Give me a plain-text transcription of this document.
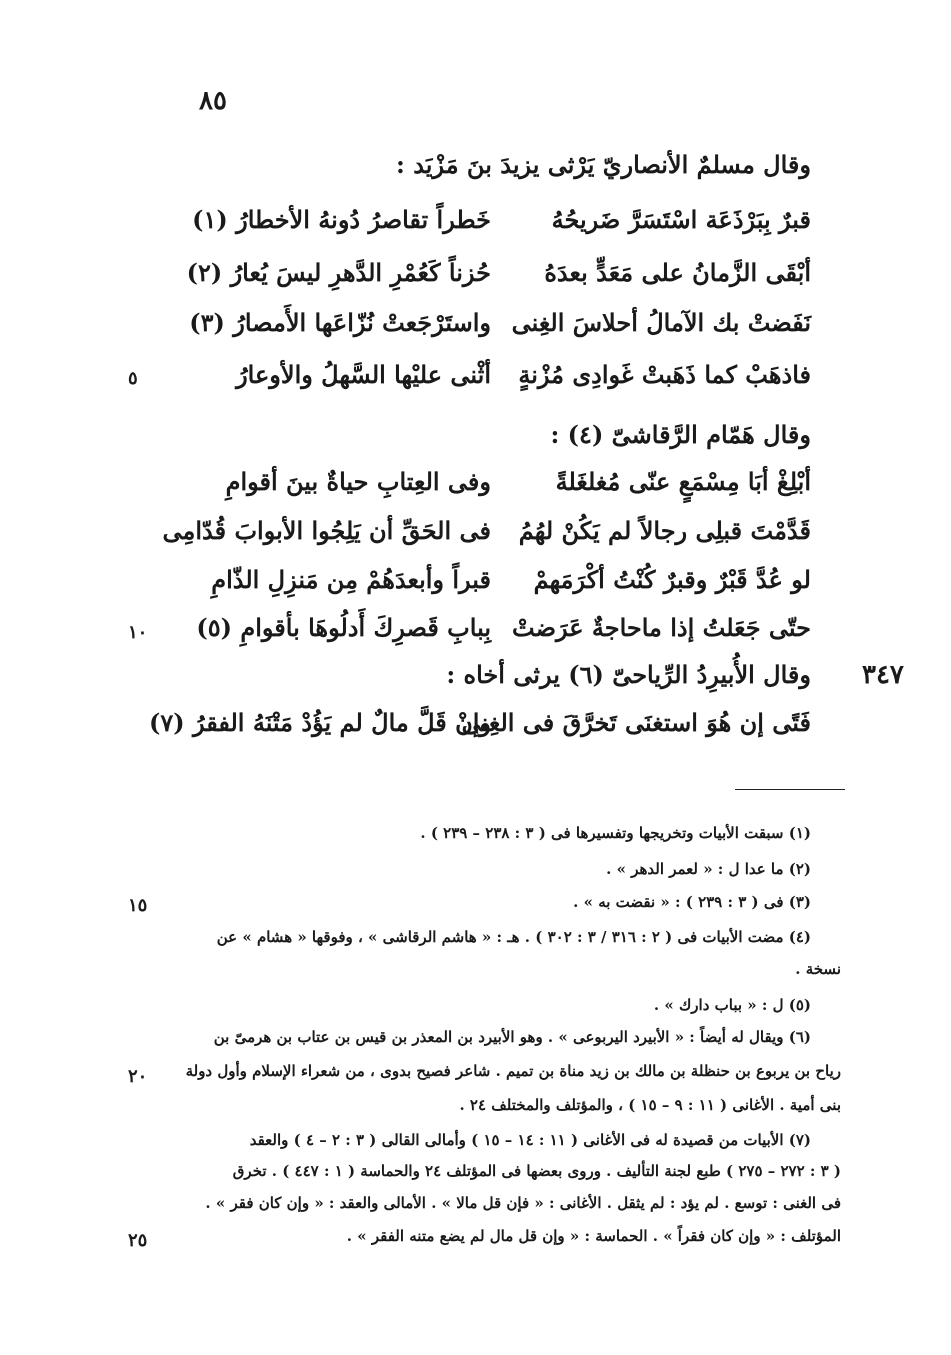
٨٥
وقال مسلمٌ الأنصاريّ يَرْثى يزيدَ بنَ مَزْيَد :
قبرٌ بِبَرْذَعَة اسْتَسَرَّ ضَريحُهُ
خَطراً تقاصرُ دُونهُ الأخطارُ (١)
أبْقَى الزَّمانُ على مَعَدٍّ بعدَهُ
حُزناً كَعُمْرِ الدَّهرِ ليسَ يُعارُ (٢)
نَفَضتْ بك الآمالُ أحلاسَ الغِنى
واستَرْجَعتْ نُزّاعَها الأَمصارُ (٣)
فاذهَبْ كما ذَهَبتْ غَوادِى مُزْنةٍ
أثْنى عليْها السَّهلُ والأوعارُ
٥
وقال هَمّام الرَّقاشىّ (٤) :
أبْلِغْ أبَا مِسْمَعٍ عنّى مُغلغَلةً
وفى العِتابِ حياةٌ بينَ أقوامِ
قَدَّمْتَ قبلِى رجالاً لم يَكُنْ لهُمُ
فى الحَقِّ أن يَلِجُوا الأبوابَ قُدّامِى
لو عُدَّ قَبْرٌ وقبرٌ كُنْتُ أكْرَمَهمْ
قبراً وأبعدَهُمْ مِن مَنزِلِ الذّامِ
حتّى جَعَلتُ إذا ماحاجةٌ عَرَضتْ
بِبابِ قَصرِكَ أَدلُوهَا بأقوامِ (٥)
١٠
وقال الأُبيرِدُ الرِّياحىّ (٦) يرثى أخاه : ٣٤٧
فَتًى إن هُوَ استغنَى تَخرَّقَ فى الغِنى
وإنْ قَلَّ مالٌ لم يَؤُدْ مَتْنَهُ الفقرُ (٧)
(١) سبقت الأبيات وتخريجها وتفسيرها فى ( ٣ : ٢٣٨ – ٢٣٩ ) .
(٢) ما عدا ل : « لعمر الدهر » .
(٣) فى ( ٣ : ٢٣٩ ) : « نقضت به » .
١٥
(٤) مضت الأبيات فى ( ٢ : ٣١٦ / ٣ : ٣٠٢ ) . هـ : « هاشم الرقاشى » ، وفوقها « هشام » عن
نسخة .
(٥) ل : « بباب دارك » .
(٦) ويقال له أيضاً : « الأبيرد اليربوعى » . وهو الأبيرد بن المعذر بن قيس بن عتاب بن هرمىّ بن
رياح بن يربوع بن حنظلة بن مالك بن زيد مناة بن تميم . شاعر فصيح بدوى ، من شعراء الإسلام وأول دولة
٢٠
بنى أمية . الأغانى ( ١١ : ٩ – ١٥ ) ، والمؤتلف والمختلف ٢٤ .
(٧) الأبيات من قصيدة له فى الأغانى ( ١١ : ١٤ – ١٥ ) وأمالى القالى ( ٣ : ٢ – ٤ ) والعقد
( ٣ : ٢٧٢ – ٢٧٥ ) طبع لجنة التأليف . وروى بعضها فى المؤتلف ٢٤ والحماسة ( ١ : ٤٤٧ ) . تخرق
فى الغنى : توسع . لم يؤد : لم يثقل . الأغانى : « فإن قل مالا » . الأمالى والعقد : « وإن كان فقر » .
المؤتلف : « وإن كان فقراً » . الحماسة : « وإن قل مال لم يضع متنه الفقر » .
٢٥
